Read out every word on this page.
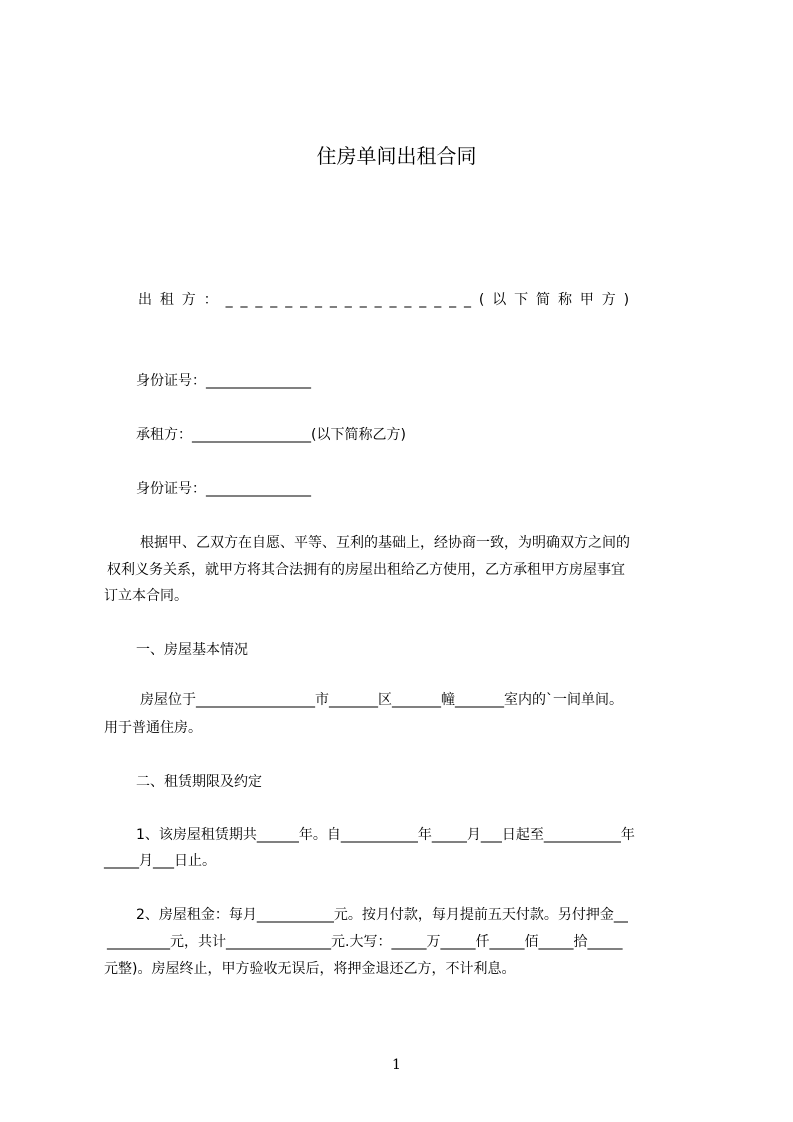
住房单间出租合同
出租方：_________________(以下简称甲方)
身份证号：_______________
承租方：_________________(以下简称乙方)
身份证号：_______________
根据甲、乙双方在自愿、平等、互利的基础上，经协商一致，为明确双方之间的
权利义务关系，就甲方将其合法拥有的房屋出租给乙方使用，乙方承租甲方房屋事宜
订立本合同。
一、房屋基本情况
房屋位于_________________市_______区_______幢_______室内的`一间单间。
用于普通住房。
二、租赁期限及约定
1、该房屋租赁期共______年。自___________年_____月___日起至___________年
_____月___日止。
2、房屋租金：每月___________元。按月付款，每月提前五天付款。另付押金__
_________元，共计_______________元.大写：_____万_____仟_____佰_____拾_____
元整)。房屋终止，甲方验收无误后，将押金退还乙方，不计利息。
1
